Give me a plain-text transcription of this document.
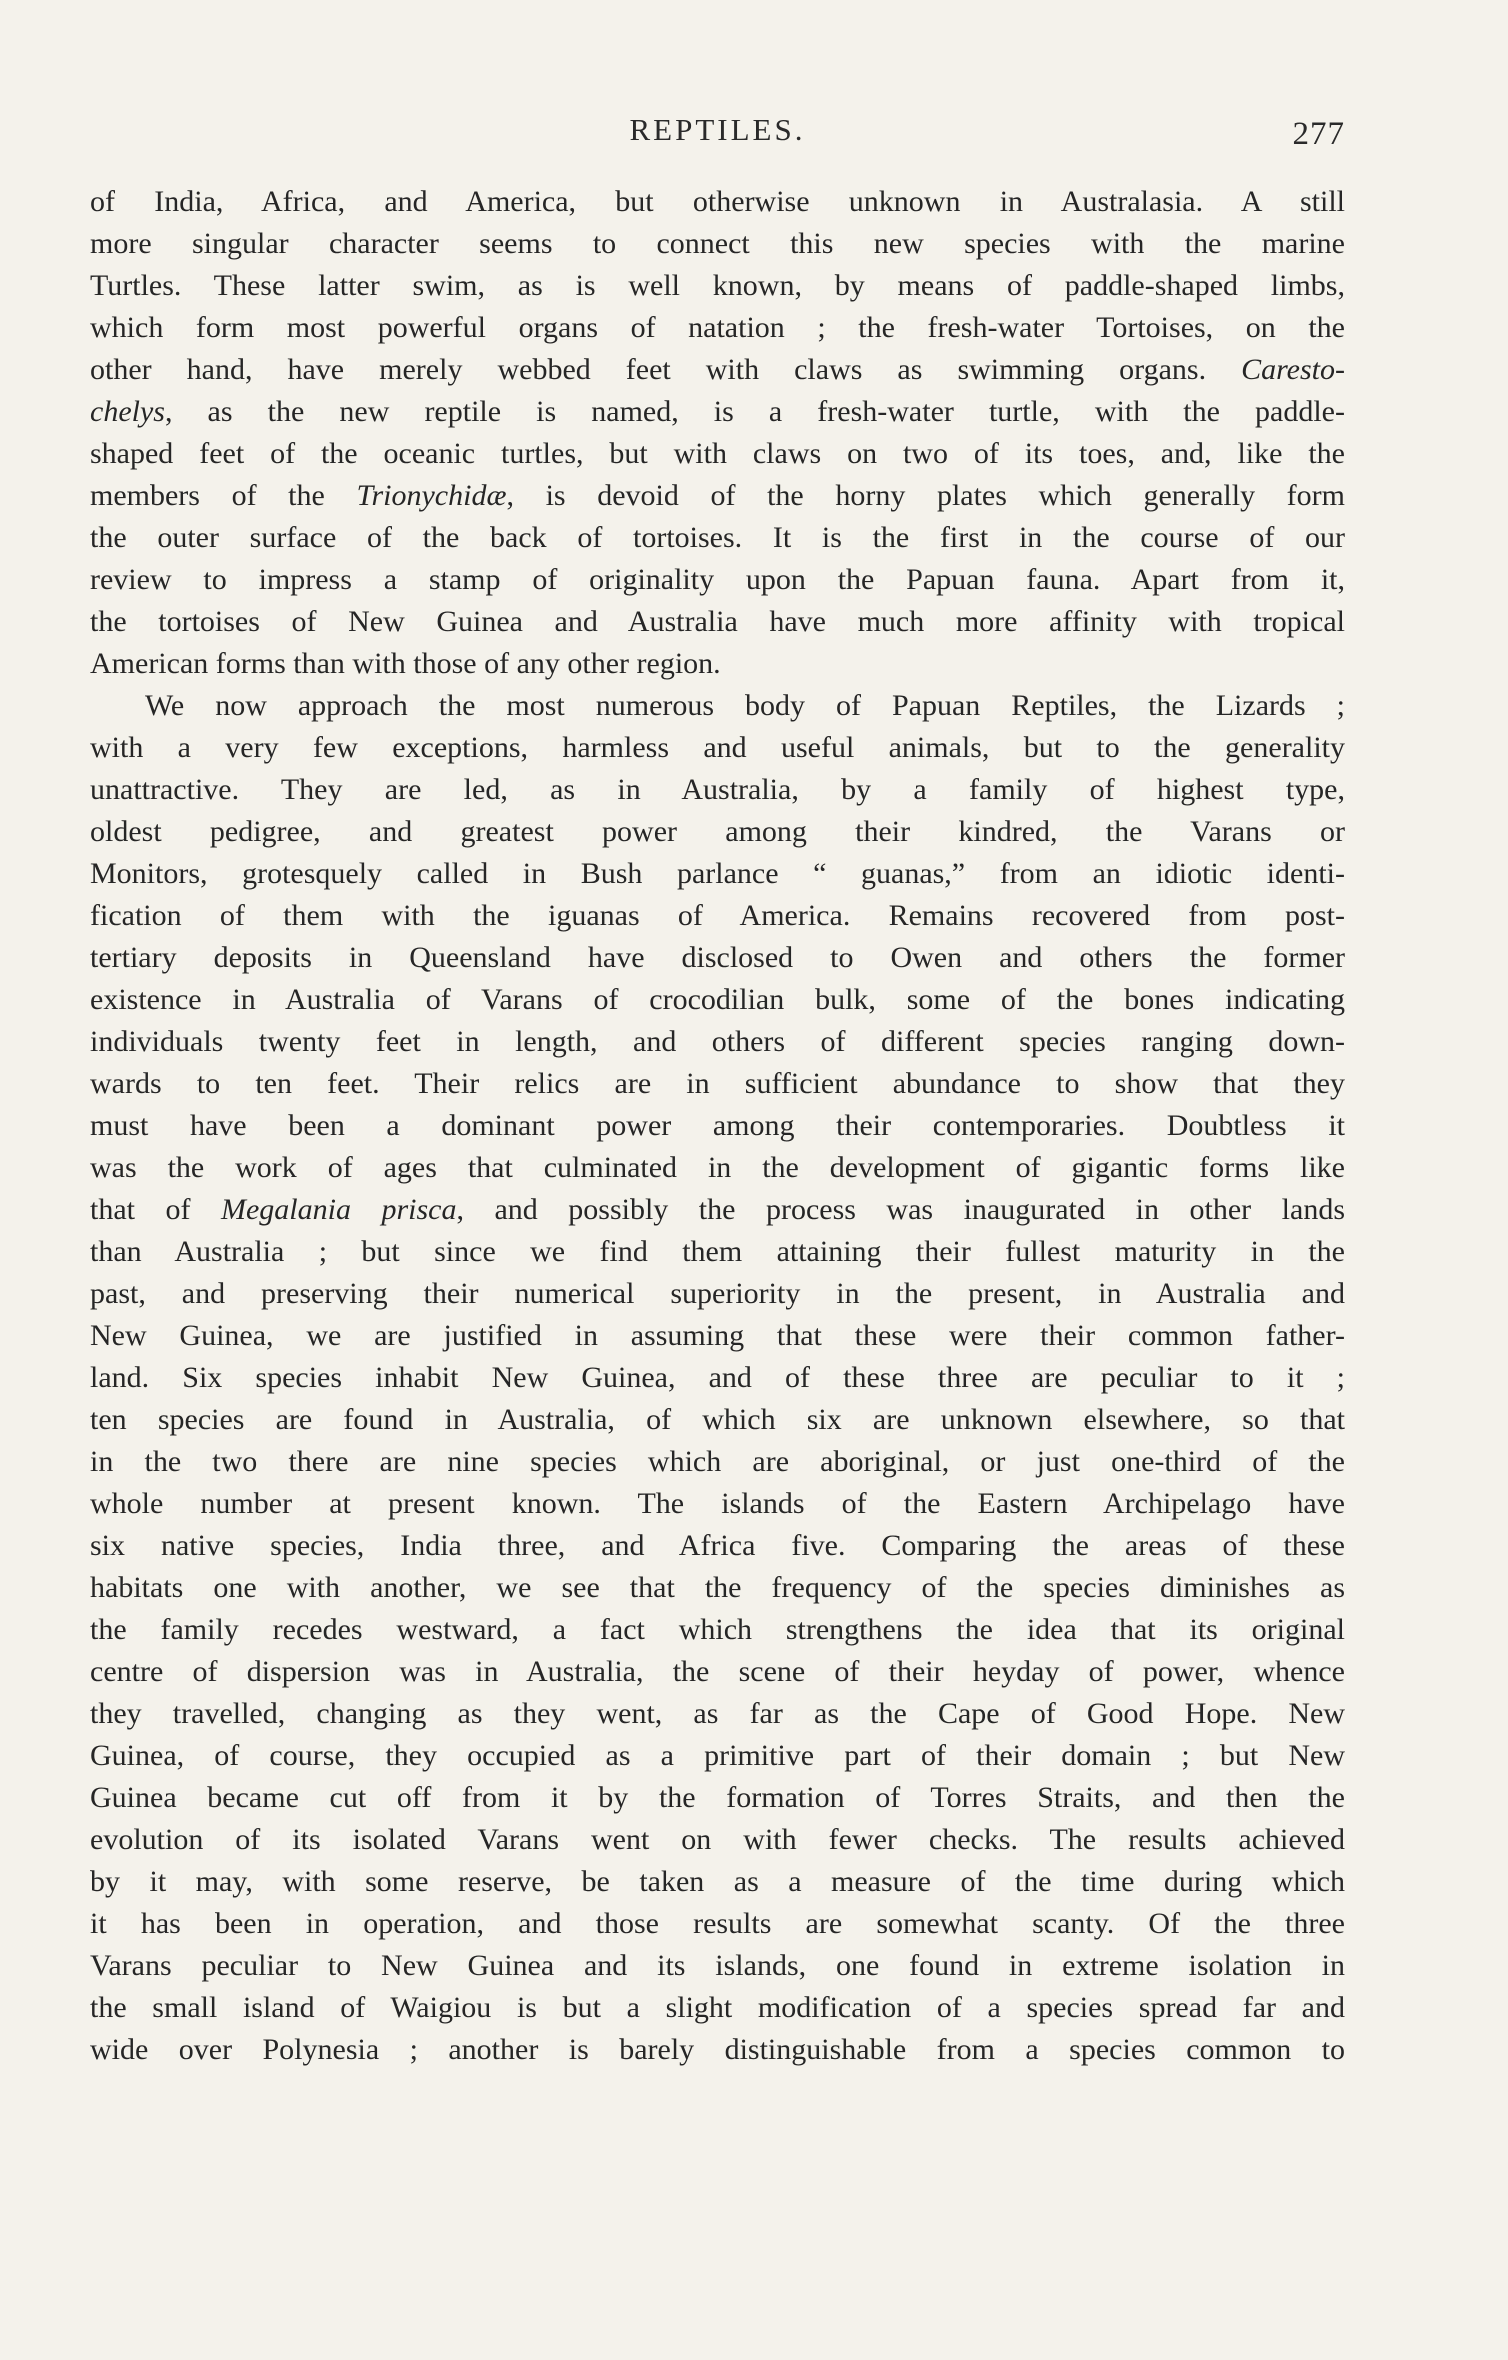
REPTILES.	277
of India, Africa, and America, but otherwise unknown in Australasia. A still
more singular character seems to connect this new species with the marine
Turtles. These latter swim, as is well known, by means of paddle-shaped limbs,
which form most powerful organs of natation ; the fresh-water Tortoises, on the
other hand, have merely webbed feet with claws as swimming organs. Caresto-
chelys, as the new reptile is named, is a fresh-water turtle, with the paddle-
shaped feet of the oceanic turtles, but with claws on two of its toes, and, like the
members of the Trionychidæ, is devoid of the horny plates which generally form
the outer surface of the back of tortoises. It is the first in the course of our
review to impress a stamp of originality upon the Papuan fauna. Apart from it,
the tortoises of New Guinea and Australia have much more affinity with tropical
American forms than with those of any other region.
We now approach the most numerous body of Papuan Reptiles, the Lizards ;
with a very few exceptions, harmless and useful animals, but to the generality
unattractive. They are led, as in Australia, by a family of highest type,
oldest pedigree, and greatest power among their kindred, the Varans or
Monitors, grotesquely called in Bush parlance “ guanas,” from an idiotic identi-
fication of them with the iguanas of America. Remains recovered from post-
tertiary deposits in Queensland have disclosed to Owen and others the former
existence in Australia of Varans of crocodilian bulk, some of the bones indicating
individuals twenty feet in length, and others of different species ranging down-
wards to ten feet. Their relics are in sufficient abundance to show that they
must have been a dominant power among their contemporaries. Doubtless it
was the work of ages that culminated in the development of gigantic forms like
that of Megalania prisca, and possibly the process was inaugurated in other lands
than Australia ; but since we find them attaining their fullest maturity in the
past, and preserving their numerical superiority in the present, in Australia and
New Guinea, we are justified in assuming that these were their common father-
land. Six species inhabit New Guinea, and of these three are peculiar to it ;
ten species are found in Australia, of which six are unknown elsewhere, so that
in the two there are nine species which are aboriginal, or just one-third of the
whole number at present known. The islands of the Eastern Archipelago have
six native species, India three, and Africa five. Comparing the areas of these
habitats one with another, we see that the frequency of the species diminishes as
the family recedes westward, a fact which strengthens the idea that its original
centre of dispersion was in Australia, the scene of their heyday of power, whence
they travelled, changing as they went, as far as the Cape of Good Hope. New
Guinea, of course, they occupied as a primitive part of their domain ; but New
Guinea became cut off from it by the formation of Torres Straits, and then the
evolution of its isolated Varans went on with fewer checks. The results achieved
by it may, with some reserve, be taken as a measure of the time during which
it has been in operation, and those results are somewhat scanty. Of the three
Varans peculiar to New Guinea and its islands, one found in extreme isolation in
the small island of Waigiou is but a slight modification of a species spread far and
wide over Polynesia ; another is barely distinguishable from a species common to
